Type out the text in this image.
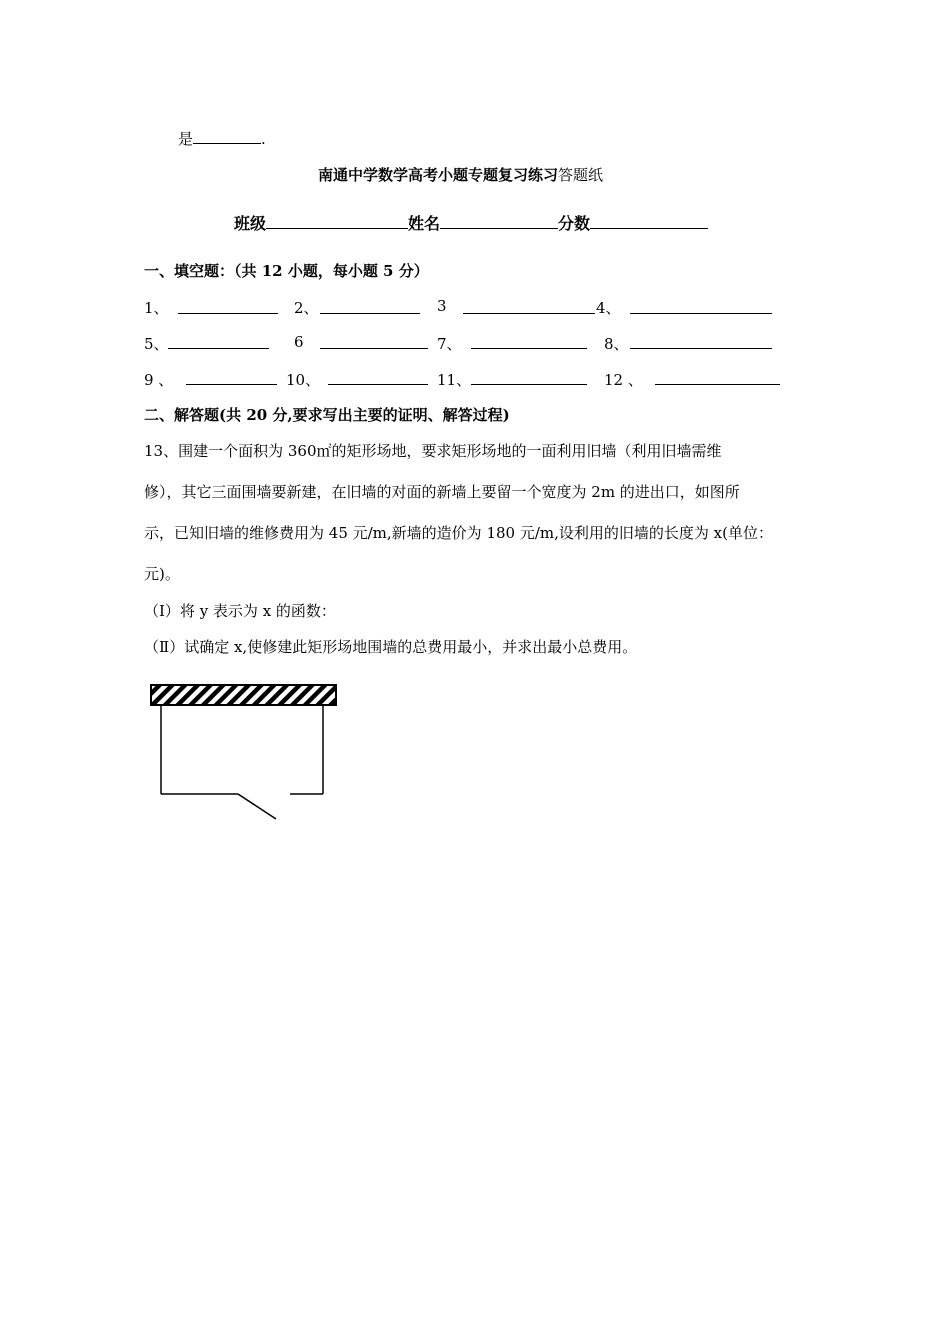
是	.
南通中学数学高考小题专题复习练习答题纸
班级	姓名	分数
一、填空题：（共 12 小题，每小题 5 分）
1、	2、	3	4、
5、	6	7、	8、
9 、	10、	11、	12 、
二、解答题(共 20 分,要求写出主要的证明、解答过程)
13、围建一个面积为 360㎡的矩形场地，要求矩形场地的一面利用旧墙（利用旧墙需维
修），其它三面围墙要新建，在旧墙的对面的新墙上要留一个宽度为 2m 的进出口，如图所
示，已知旧墙的维修费用为 45 元/m,新墙的造价为 180 元/m,设利用的旧墙的长度为 x(单位：
元)。
（Ⅰ）将 y 表示为 x 的函数：
（Ⅱ）试确定 x,使修建此矩形场地围墙的总费用最小，并求出最小总费用。
